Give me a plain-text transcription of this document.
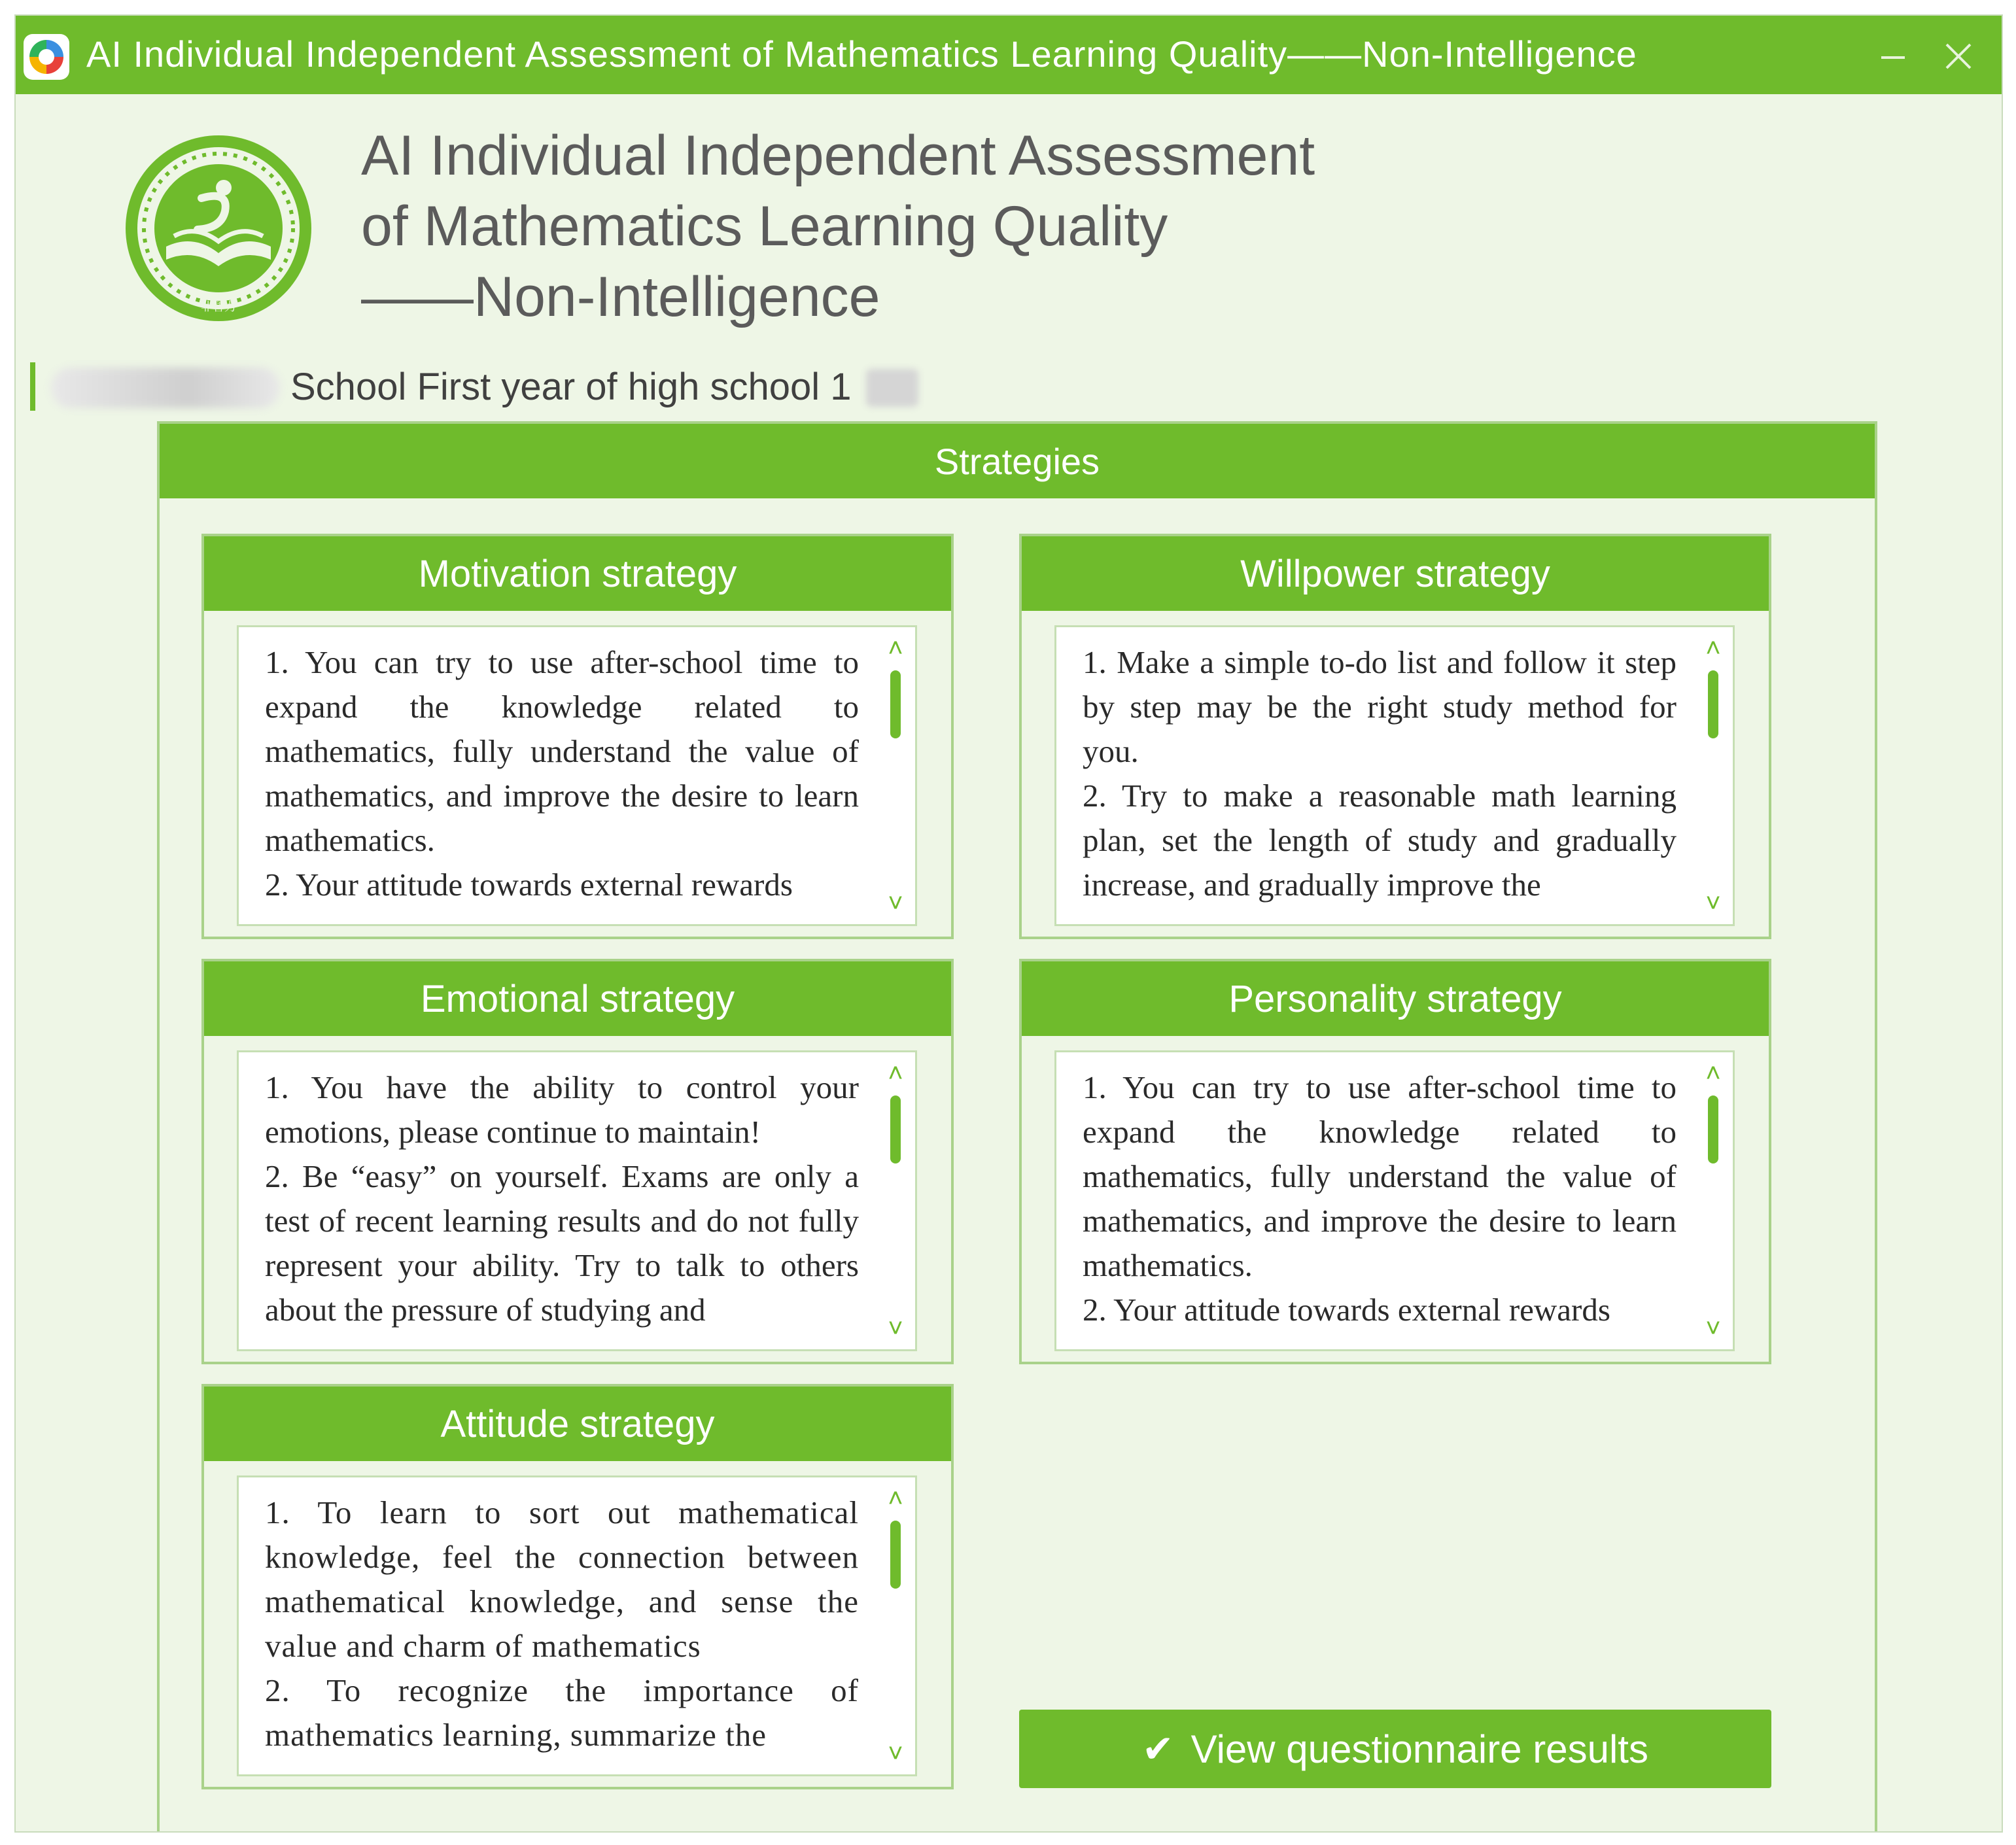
AI Individual Independent Assessment of Mathematics Learning Quality——Non-Intelligence
非智力
AI Individual Independent Assessment
of Mathematics Learning Quality
——Non-Intelligence
School First year of high school 1
Strategies
Motivation strategy

1. You can try to use after-school time to expand the knowledge related to mathematics, fully understand the value of mathematics, and improve the desire to learn mathematics.

2. Your attitude towards external rewards

˄
˅
Willpower strategy

1. Make a simple to-do list and follow it step by step may be the right study method for you.

2. Try to make a reasonable math learning plan, set the length of study and gradually increase, and gradually improve the

˄
˅
Emotional strategy

1. You have the ability to control your emotions, please continue to maintain!

2. Be “easy” on yourself. Exams are only a test of recent learning results and do not fully represent your ability. Try to talk to others about the pressure of studying and

˄
˅
Personality strategy

1. You can try to use after-school time to expand the knowledge related to mathematics, fully understand the value of mathematics, and improve the desire to learn mathematics.

2. Your attitude towards external rewards

˄
˅
Attitude strategy

1. To learn to sort out mathematical knowledge, feel the connection between mathematical knowledge, and sense the value and charm of mathematics

2. To recognize the importance of mathematics learning, summarize the

˄
˅	✔ View questionnaire results
